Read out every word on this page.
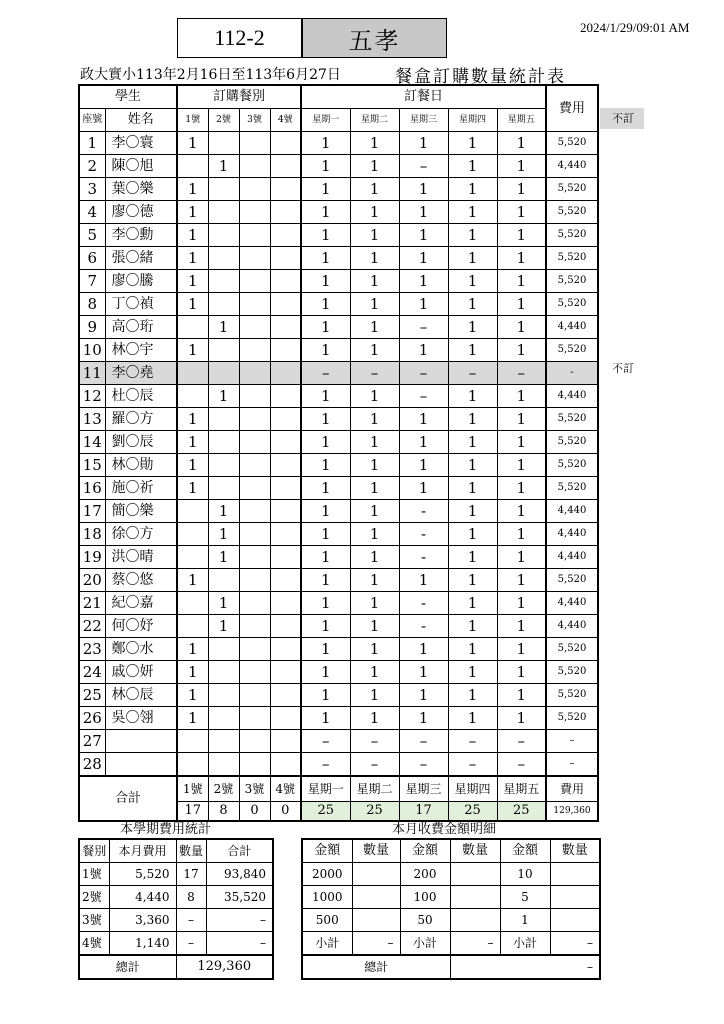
2024/1/29/09:01 AM
112-2	五孝
政大實小113年2月16日至113年6月27日	餐盒訂購數量統計表
學生		訂購餐別				訂餐日					費用
座號	姓名	1號	2號	3號	4號	星期一	星期二	星期三	星期四	星期五	
1	李〇寰	1				1	1	1	1	1	5,520
2	陳〇旭		1			1	1	–	1	1	4,440
3	葉〇樂	1				1	1	1	1	1	5,520
4	廖〇德	1				1	1	1	1	1	5,520
5	李〇勳	1				1	1	1	1	1	5,520
6	張〇緒	1				1	1	1	1	1	5,520
7	廖〇騰	1				1	1	1	1	1	5,520
8	丁〇禎	1				1	1	1	1	1	5,520
9	高〇珩		1			1	1	–	1	1	4,440
10	林〇宇	1				1	1	1	1	1	5,520
11	李〇堯					–	–	–	–	–	-
12	杜〇辰		1			1	1	–	1	1	4,440
13	羅〇方	1				1	1	1	1	1	5,520
14	劉〇辰	1				1	1	1	1	1	5,520
15	林〇勛	1				1	1	1	1	1	5,520
16	施〇祈	1				1	1	1	1	1	5,520
17	簡〇樂		1			1	1	-	1	1	4,440
18	徐〇方		1			1	1	-	1	1	4,440
19	洪〇晴		1			1	1	-	1	1	4,440
20	蔡〇悠	1				1	1	1	1	1	5,520
21	紀〇嘉		1			1	1	-	1	1	4,440
22	何〇妤		1			1	1	-	1	1	4,440
23	鄭〇水	1				1	1	1	1	1	5,520
24	戚〇妍	1				1	1	1	1	1	5,520
25	林〇辰	1				1	1	1	1	1	5,520
26	吳〇翎	1				1	1	1	1	1	5,520
27						–	–	–	–	–	–
28						–	–	–	–	–	–
合計		1號	2號	3號	4號	星期一	星期二	星期三	星期四	星期五	費用
		17	8	0	0	25	25	17	25	25	129,360
不訂
不訂
本學期費用統計	本月收費金額明細
餐別	本月費用	數量	合計
1號	5,520	17	93,840
2號	4,440	8	35,520
3號	3,360	–	–
4號	1,140	–	–
總計		129,360	
金額	數量	金額	數量	金額	數量
2000		200		10	
1000		100		5	
500		50		1	
小計	–	小計	–	小計	–
總計			–		
